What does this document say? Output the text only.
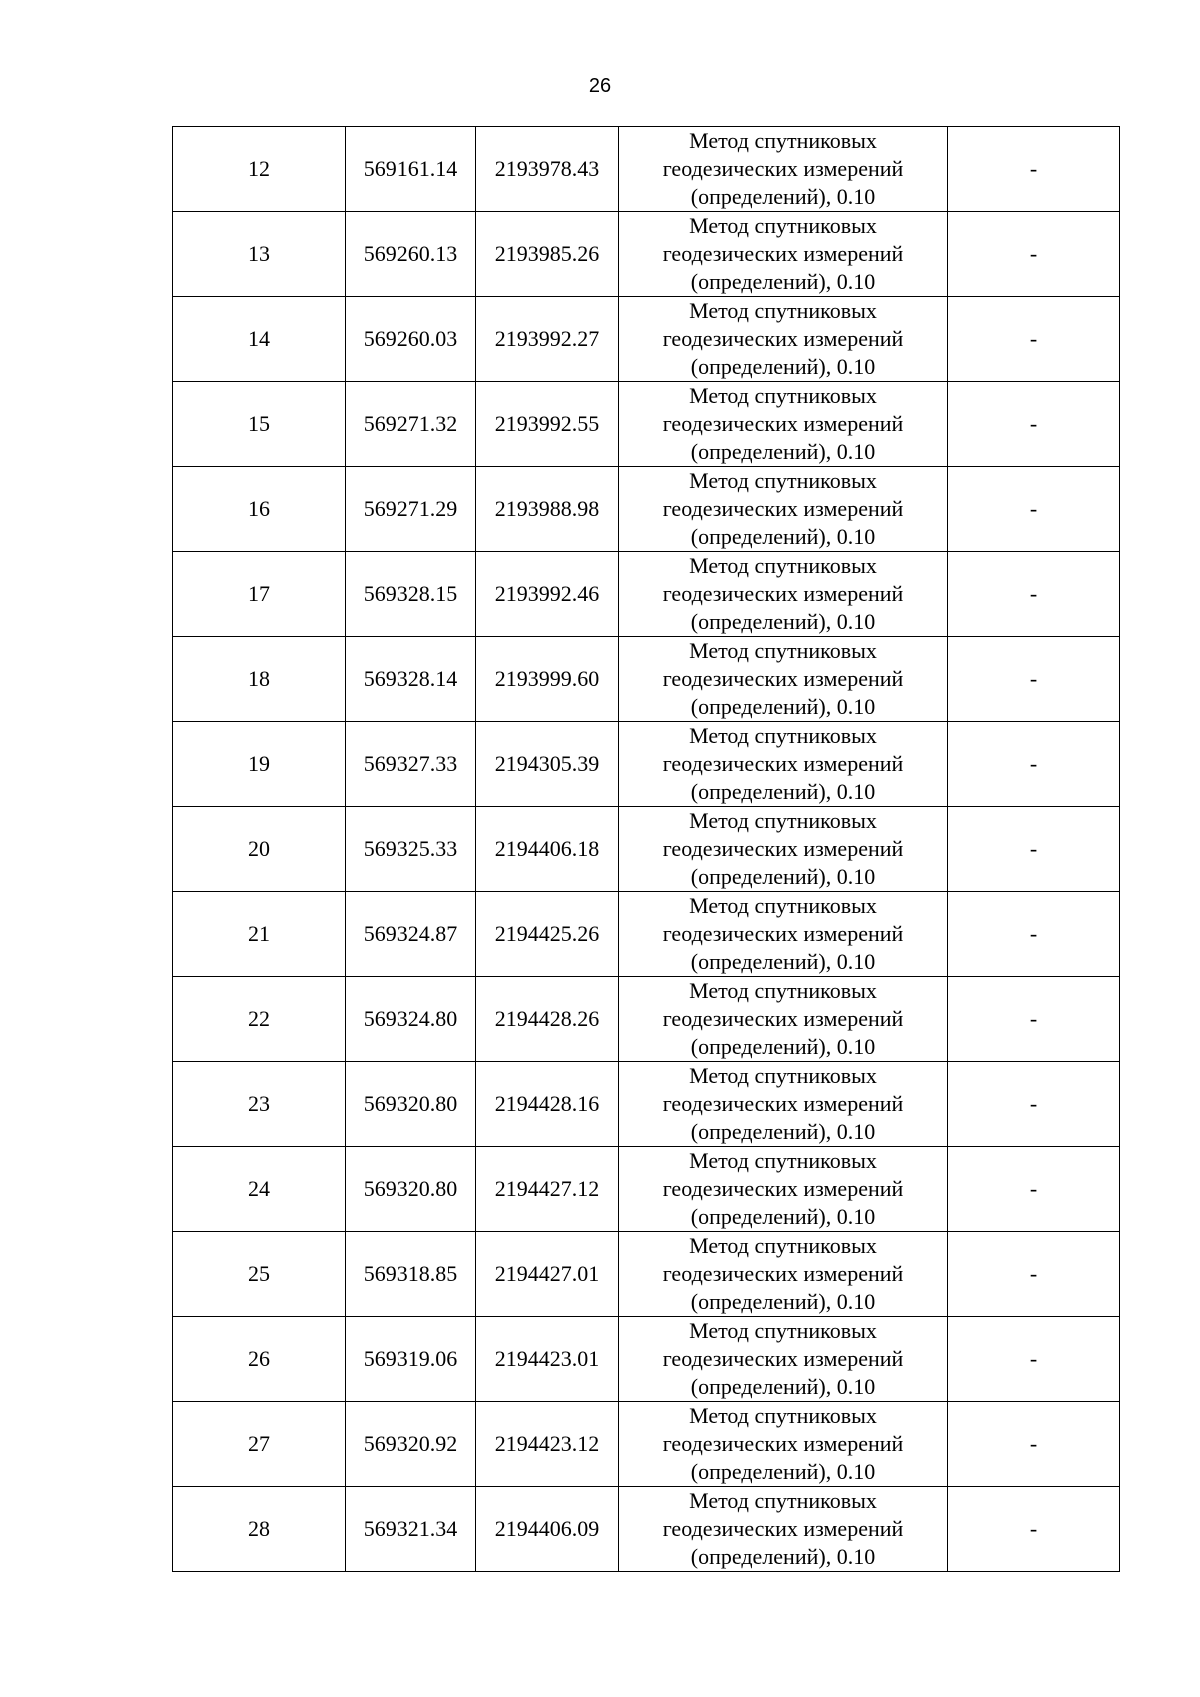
26
12	569161.14	2193978.43	Метод спутниковых
геодезических измерений
(определений), 0.10	-
13	569260.13	2193985.26	Метод спутниковых
геодезических измерений
(определений), 0.10	-
14	569260.03	2193992.27	Метод спутниковых
геодезических измерений
(определений), 0.10	-
15	569271.32	2193992.55	Метод спутниковых
геодезических измерений
(определений), 0.10	-
16	569271.29	2193988.98	Метод спутниковых
геодезических измерений
(определений), 0.10	-
17	569328.15	2193992.46	Метод спутниковых
геодезических измерений
(определений), 0.10	-
18	569328.14	2193999.60	Метод спутниковых
геодезических измерений
(определений), 0.10	-
19	569327.33	2194305.39	Метод спутниковых
геодезических измерений
(определений), 0.10	-
20	569325.33	2194406.18	Метод спутниковых
геодезических измерений
(определений), 0.10	-
21	569324.87	2194425.26	Метод спутниковых
геодезических измерений
(определений), 0.10	-
22	569324.80	2194428.26	Метод спутниковых
геодезических измерений
(определений), 0.10	-
23	569320.80	2194428.16	Метод спутниковых
геодезических измерений
(определений), 0.10	-
24	569320.80	2194427.12	Метод спутниковых
геодезических измерений
(определений), 0.10	-
25	569318.85	2194427.01	Метод спутниковых
геодезических измерений
(определений), 0.10	-
26	569319.06	2194423.01	Метод спутниковых
геодезических измерений
(определений), 0.10	-
27	569320.92	2194423.12	Метод спутниковых
геодезических измерений
(определений), 0.10	-
28	569321.34	2194406.09	Метод спутниковых
геодезических измерений
(определений), 0.10	-
